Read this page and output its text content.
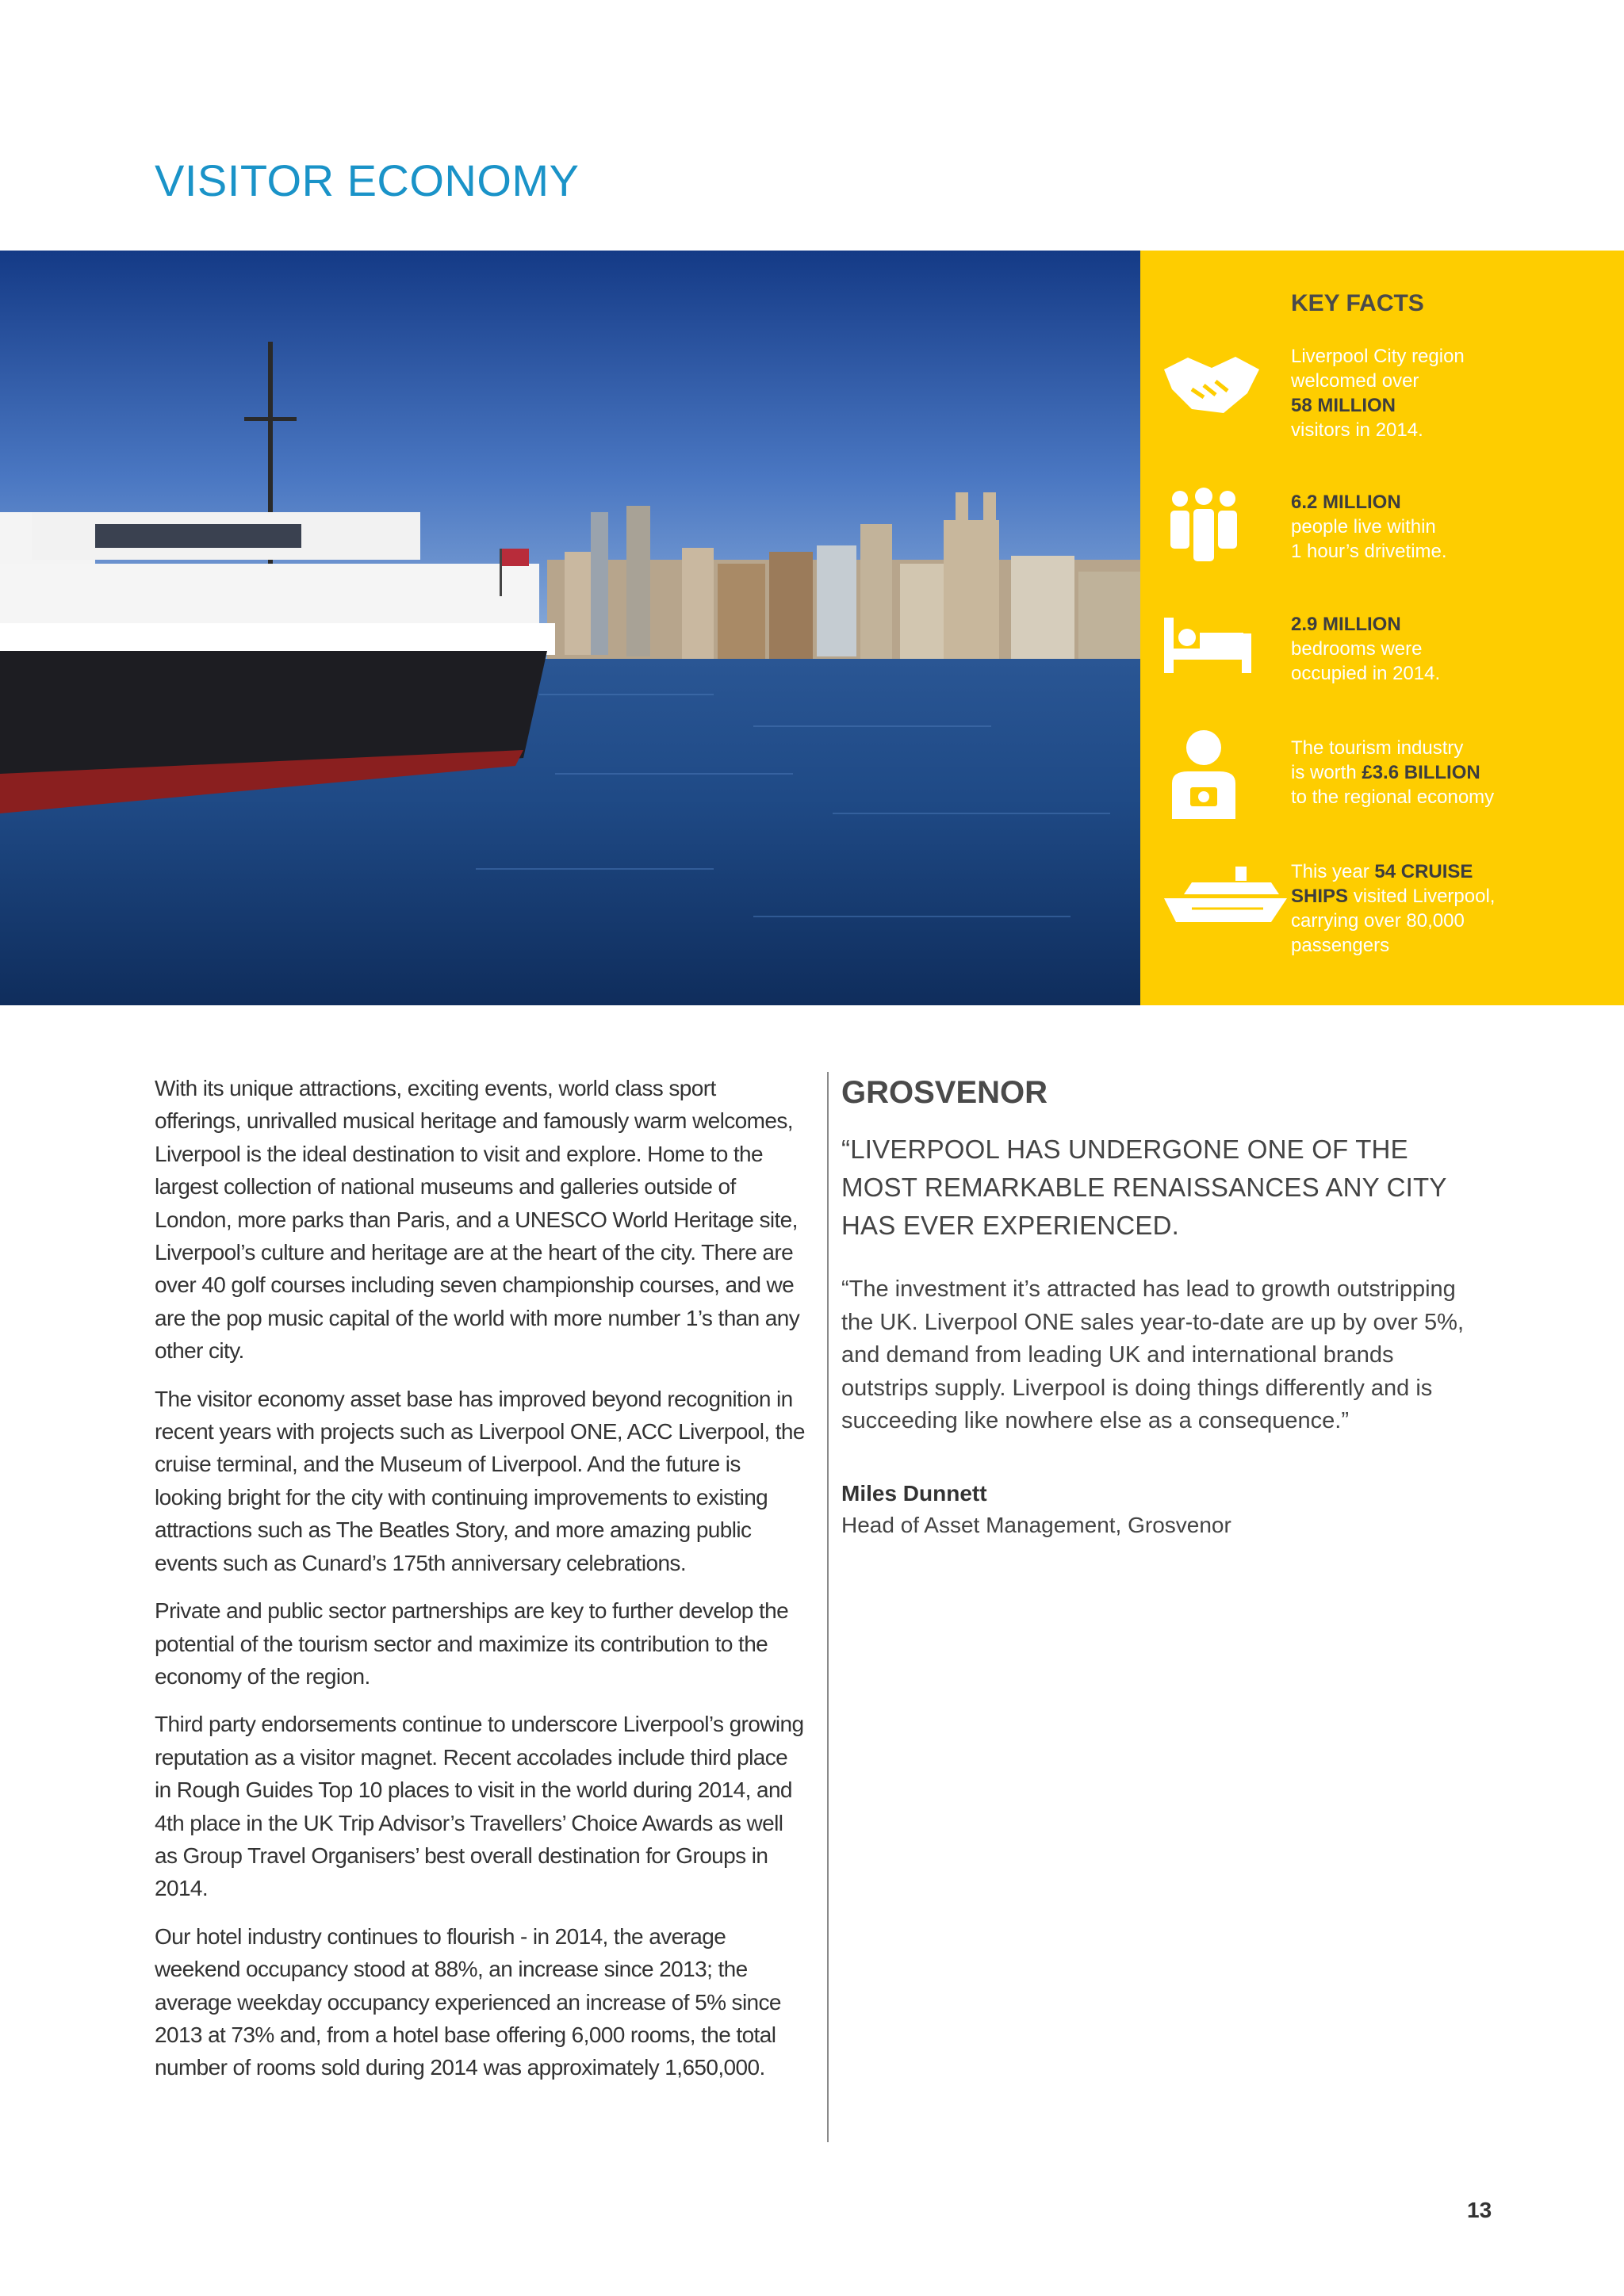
VISITOR ECONOMY
KEY FACTS
Liverpool City region
welcomed over
58 MILLION
visitors in 2014.
6.2 MILLION
people live within
1 hour’s drivetime.
2.9 MILLION
bedrooms were
occupied in 2014.
The tourism industry
is worth £3.6 BILLION
to the regional economy
This year 54 CRUISE
SHIPS visited Liverpool,
carrying over 80,000
passengers

With its unique attractions, exciting events, world class sport offerings, unrivalled musical heritage and famously warm welcomes, Liverpool is the ideal destination to visit and explore. Home to the largest collection of national museums and galleries outside of London, more parks than Paris, and a UNESCO World Heritage site, Liverpool’s culture and heritage are at the heart of the city. There are over 40 golf courses including seven championship courses, and we are the pop music capital of the world with more number 1’s than any other city.

The visitor economy asset base has improved beyond recognition in recent years with projects such as Liverpool ONE, ACC Liverpool, the cruise terminal, and the Museum of Liverpool. And the future is looking bright for the city with continuing improvements to existing attractions such as The Beatles Story, and more amazing public events such as Cunard’s 175th anniversary celebrations.

Private and public sector partnerships are key to further develop the potential of the tourism sector and maximize its contribution to the economy of the region.

Third party endorsements continue to underscore Liverpool’s growing reputation as a visitor magnet. Recent accolades include third place in Rough Guides Top 10 places to visit in the world during 2014, and 4th place in the UK Trip Advisor’s Travellers’ Choice Awards as well as Group Travel Organisers’ best overall destination for Groups in 2014.

Our hotel industry continues to flourish - in 2014, the average weekend occupancy stood at 88%, an increase since 2013; the average weekday occupancy experienced an increase of 5% since 2013 at 73% and, from a hotel base offering 6,000 rooms, the total number of rooms sold during 2014 was approximately 1,650,000.

GROSVENOR
“LIVERPOOL HAS UNDERGONE ONE OF THE MOST REMARKABLE RENAISSANCES ANY CITY HAS EVER EXPERIENCED.
“The investment it’s attracted has lead to growth outstripping the UK. Liverpool ONE sales year-to-date are up by over 5%, and demand from leading UK and international brands outstrips supply. Liverpool is doing things differently and is succeeding like nowhere else as a consequence.”
Miles Dunnett
Head of Asset Management, Grosvenor
13
